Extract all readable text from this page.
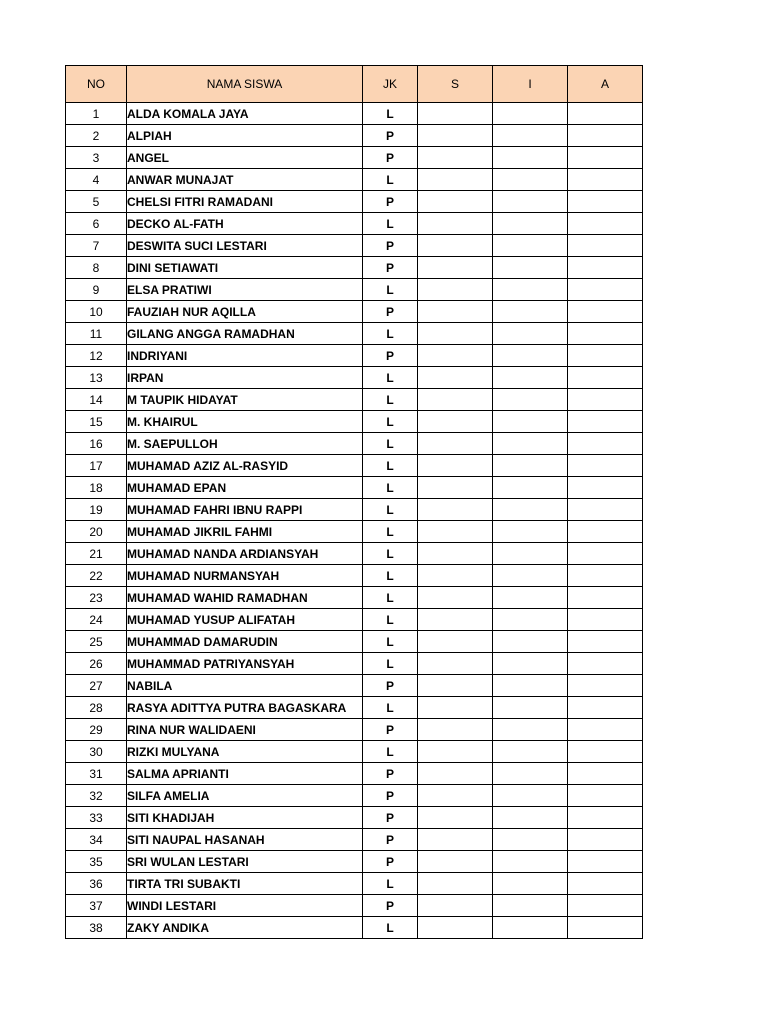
NO	NAMA SISWA	JK	S	I	A
1	ALDA KOMALA JAYA	L			
2	ALPIAH	P			
3	ANGEL	P			
4	ANWAR MUNAJAT	L			
5	CHELSI FITRI RAMADANI	P			
6	DECKO AL-FATH	L			
7	DESWITA SUCI LESTARI	P			
8	DINI SETIAWATI	P			
9	ELSA PRATIWI	L			
10	FAUZIAH NUR AQILLA	P			
11	GILANG ANGGA RAMADHAN	L			
12	INDRIYANI	P			
13	IRPAN	L			
14	M TAUPIK HIDAYAT	L			
15	M. KHAIRUL	L			
16	M. SAEPULLOH	L			
17	MUHAMAD AZIZ AL-RASYID	L			
18	MUHAMAD EPAN	L			
19	MUHAMAD FAHRI IBNU RAPPI	L			
20	MUHAMAD JIKRIL FAHMI	L			
21	MUHAMAD NANDA ARDIANSYAH	L			
22	MUHAMAD NURMANSYAH	L			
23	MUHAMAD WAHID RAMADHAN	L			
24	MUHAMAD YUSUP ALIFATAH	L			
25	MUHAMMAD DAMARUDIN	L			
26	MUHAMMAD PATRIYANSYAH	L			
27	NABILA	P			
28	RASYA ADITTYA PUTRA BAGASKARA	L			
29	RINA NUR WALIDAENI	P			
30	RIZKI MULYANA	L			
31	SALMA APRIANTI	P			
32	SILFA AMELIA	P			
33	SITI KHADIJAH	P			
34	SITI NAUPAL HASANAH	P			
35	SRI WULAN LESTARI	P			
36	TIRTA TRI SUBAKTI	L			
37	WINDI LESTARI	P			
38	ZAKY ANDIKA	L			
